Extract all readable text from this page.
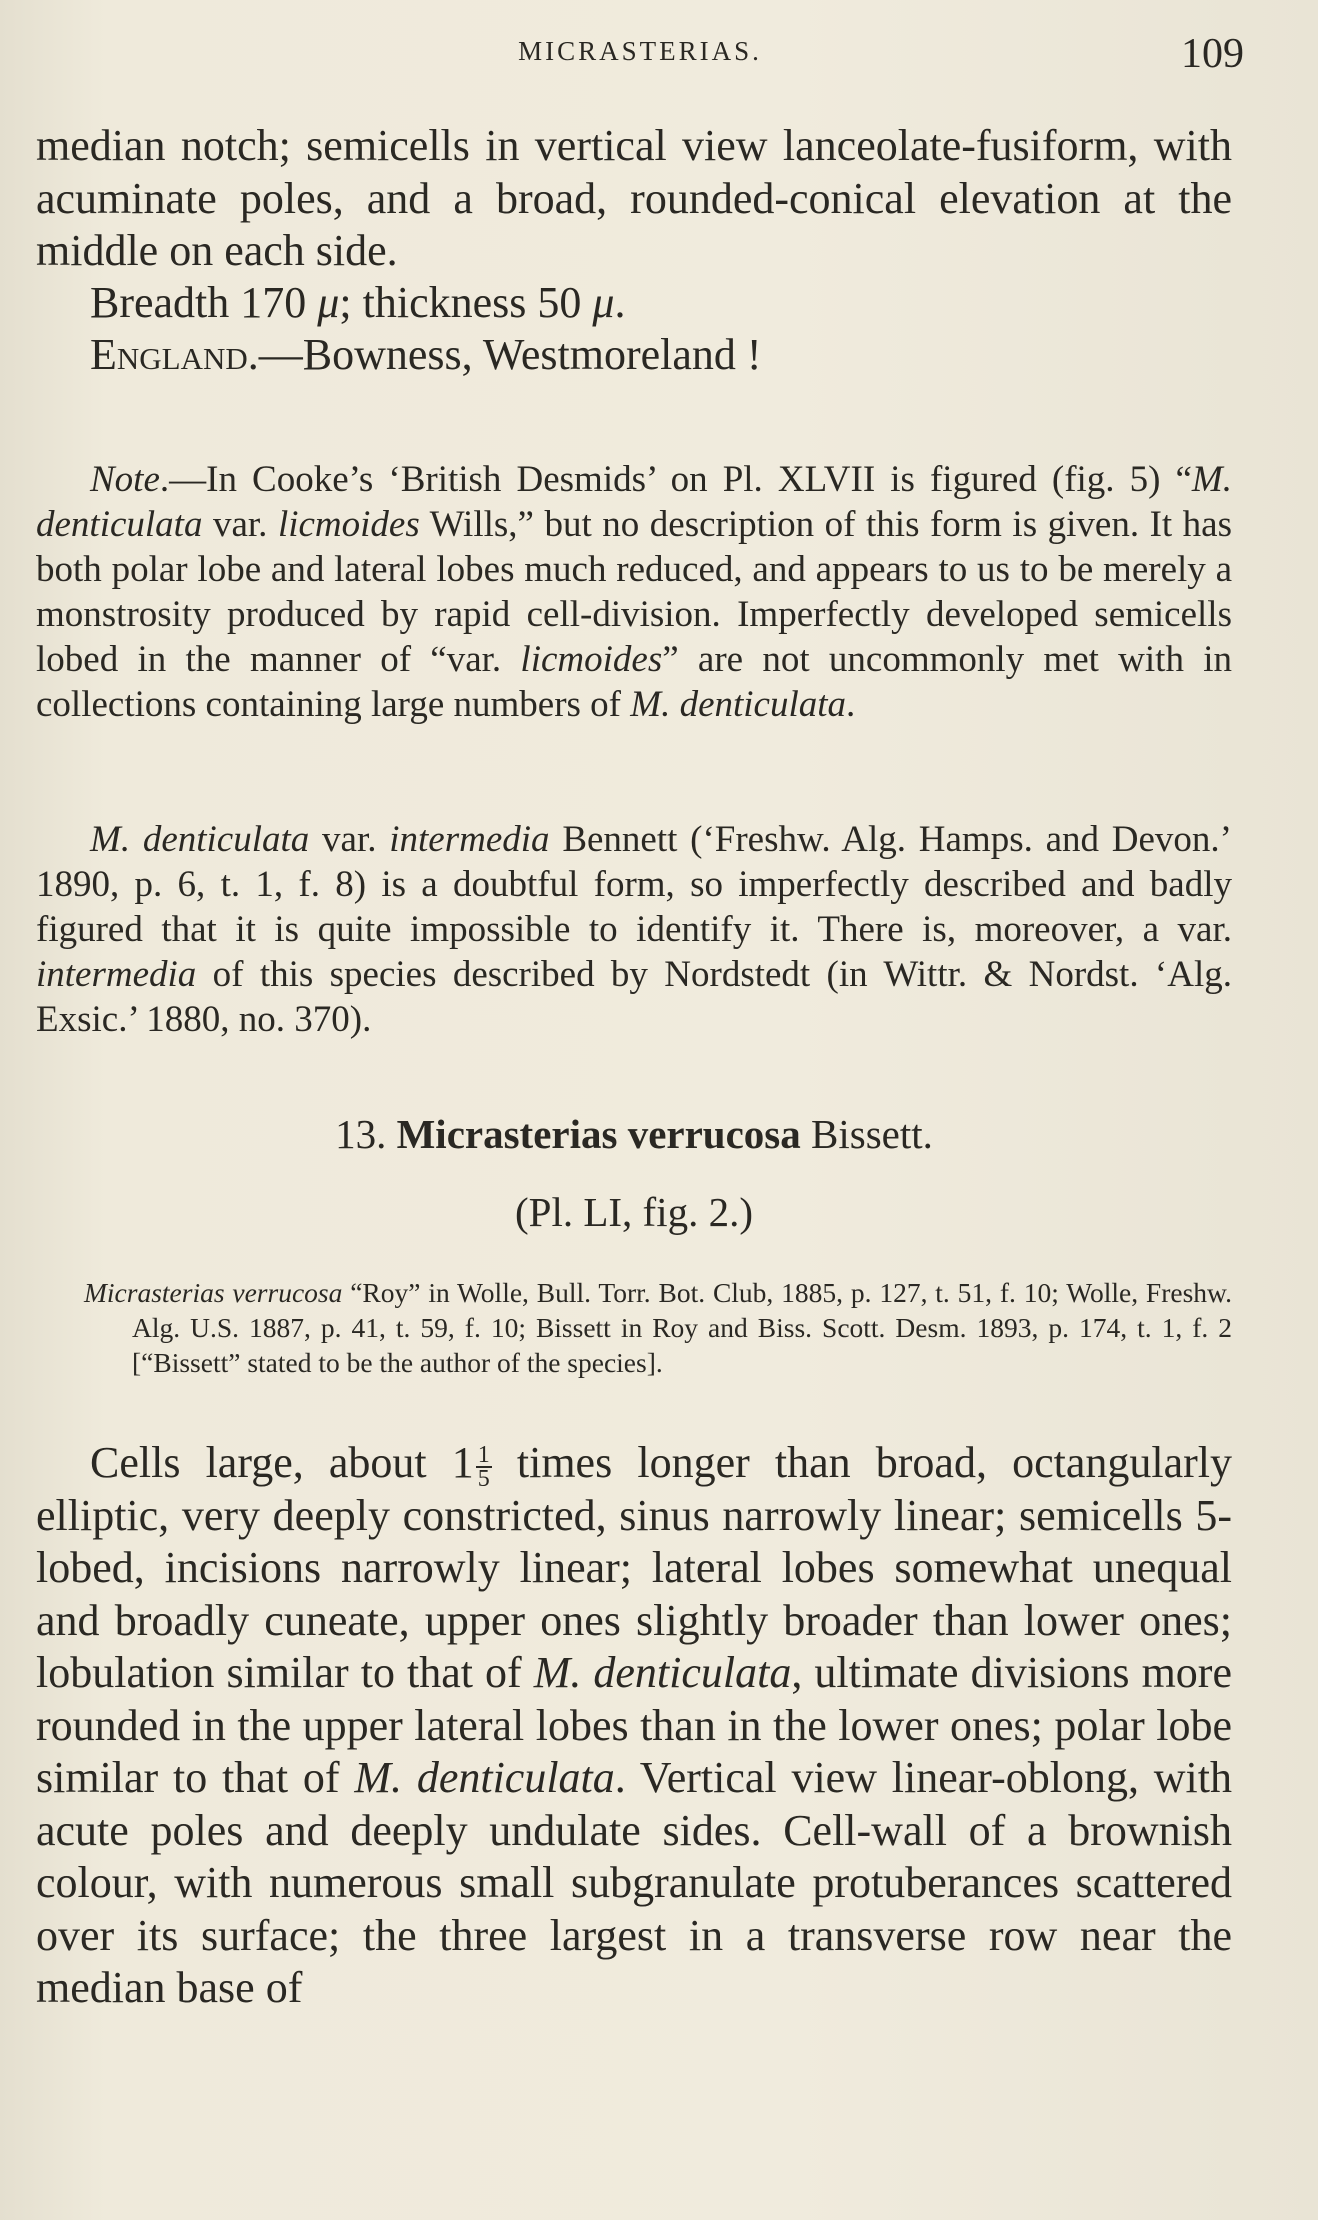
MICRASTERIAS.	109

median notch; semicells in vertical view lanceolate-fusiform, with acuminate poles, and a broad, rounded-conical elevation at the middle on each side.

Breadth 170 μ; thickness 50 μ.

England.—Bowness, Westmoreland !

Note.—In Cooke’s ‘British Desmids’ on Pl. XLVII is figured (fig. 5) “M. denticulata var. licmoides Wills,” but no description of this form is given. It has both polar lobe and lateral lobes much reduced, and appears to us to be merely a monstrosity produced by rapid cell-division. Imperfectly developed semicells lobed in the manner of “var. licmoides” are not uncommonly met with in collections containing large numbers of M. denticulata.

M. denticulata var. intermedia Bennett (‘Freshw. Alg. Hamps. and Devon.’ 1890, p. 6, t. 1, f. 8) is a doubtful form, so imperfectly described and badly figured that it is quite impossible to identify it. There is, moreover, a var. intermedia of this species described by Nordstedt (in Wittr. & Nordst. ‘Alg. Exsic.’ 1880, no. 370).

13. Micrasterias verrucosa Bissett.

(Pl. LI, fig. 2.)

Micrasterias verrucosa “Roy” in Wolle, Bull. Torr. Bot. Club, 1885, p. 127, t. 51, f. 10; Wolle, Freshw. Alg. U.S. 1887, p. 41, t. 59, f. 10; Bissett in Roy and Biss. Scott. Desm. 1893, p. 174, t. 1, f. 2 [“Bissett” stated to be the author of the species].

Cells large, about $1 \frac{1}{5}$ times longer than broad, octangularly elliptic, very deeply constricted, sinus narrowly linear; semicells 5-lobed, incisions narrowly linear; lateral lobes somewhat unequal and broadly cuneate, upper ones slightly broader than lower ones; lobulation similar to that of M. denticulata, ultimate divisions more rounded in the upper lateral lobes than in the lower ones; polar lobe similar to that of M. denticulata. Vertical view linear-oblong, with acute poles and deeply undulate sides. Cell-wall of a brownish colour, with numerous small subgranulate protuberances scattered over its surface; the three largest in a transverse row near the median base of
